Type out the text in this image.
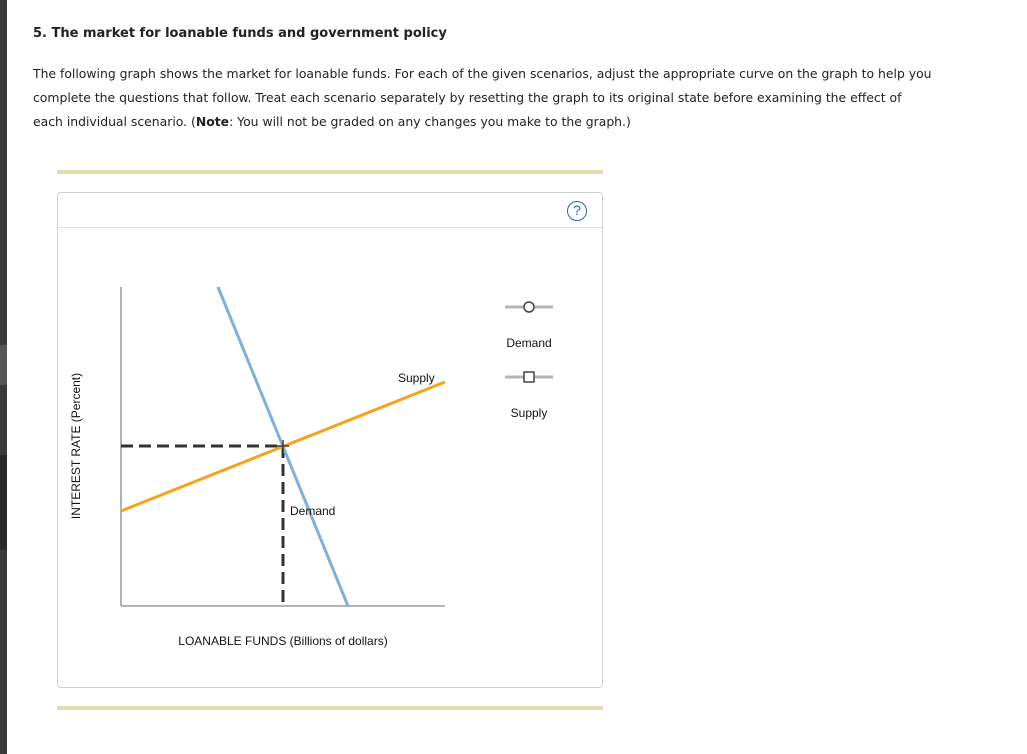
5. The market for loanable funds and government policy

The following graph shows the market for loanable funds. For each of the given scenarios, adjust the appropriate curve on the graph to help you complete the questions that follow. Treat each scenario separately by resetting the graph to its original state before examining the effect of each individual scenario. (Note: You will not be graded on any changes you make to the graph.)

?
Supply
Demand
INTEREST RATE (Percent)
LOANABLE FUNDS (Billions of dollars)
Demand
Supply
